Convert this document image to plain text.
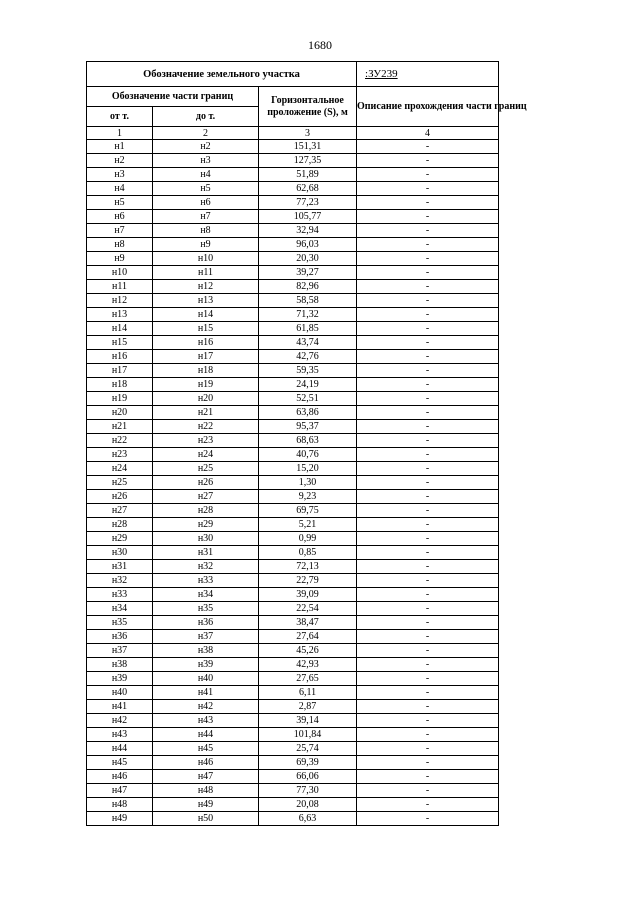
1680
Обозначение земельного участка			:ЗУ239
Обозначение части границ		Горизонтальное проложение (S), м	Описание прохождения части границ
от т.	до т.		
1	2	3	4
н1	н2	151,31	-
н2	н3	127,35	-
н3	н4	51,89	-
н4	н5	62,68	-
н5	н6	77,23	-
н6	н7	105,77	-
н7	н8	32,94	-
н8	н9	96,03	-
н9	н10	20,30	-
н10	н11	39,27	-
н11	н12	82,96	-
н12	н13	58,58	-
н13	н14	71,32	-
н14	н15	61,85	-
н15	н16	43,74	-
н16	н17	42,76	-
н17	н18	59,35	-
н18	н19	24,19	-
н19	н20	52,51	-
н20	н21	63,86	-
н21	н22	95,37	-
н22	н23	68,63	-
н23	н24	40,76	-
н24	н25	15,20	-
н25	н26	1,30	-
н26	н27	9,23	-
н27	н28	69,75	-
н28	н29	5,21	-
н29	н30	0,99	-
н30	н31	0,85	-
н31	н32	72,13	-
н32	н33	22,79	-
н33	н34	39,09	-
н34	н35	22,54	-
н35	н36	38,47	-
н36	н37	27,64	-
н37	н38	45,26	-
н38	н39	42,93	-
н39	н40	27,65	-
н40	н41	6,11	-
н41	н42	2,87	-
н42	н43	39,14	-
н43	н44	101,84	-
н44	н45	25,74	-
н45	н46	69,39	-
н46	н47	66,06	-
н47	н48	77,30	-
н48	н49	20,08	-
н49	н50	6,63	-
